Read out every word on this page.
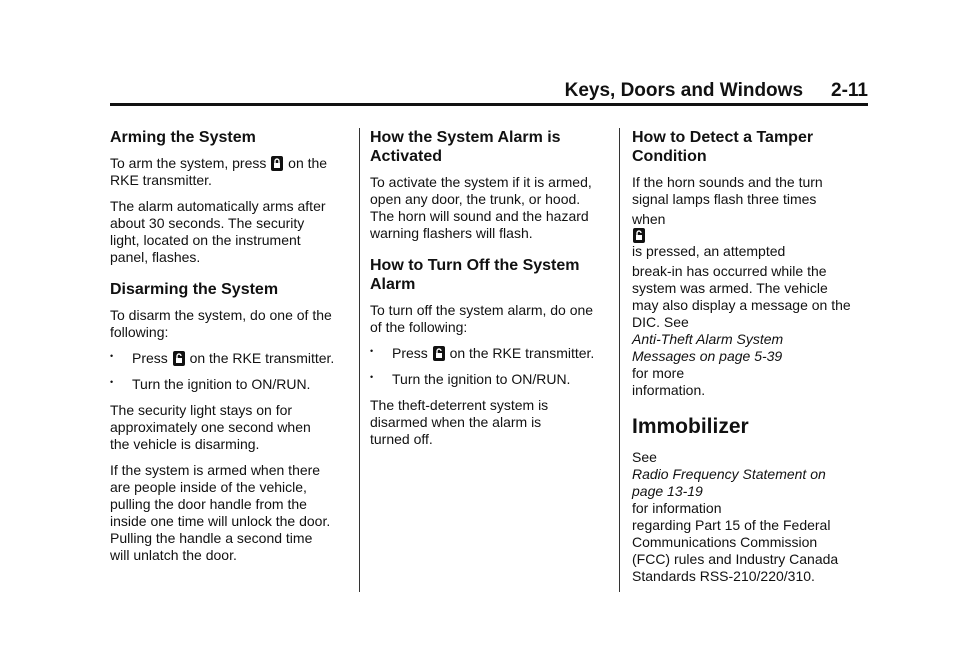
Keys, Doors and Windows 2-11
Arming the System

To arm the system, press on the
RKE transmitter.

The alarm automatically arms after
about 30 seconds. The security
light, located on the instrument
panel, flashes.

Disarming the System

To disarm the system, do one of the
following:

• Press on the RKE transmitter.
• Turn the ignition to ON/RUN.

The security light stays on for
approximately one second when
the vehicle is disarming.

If the system is armed when there
are people inside of the vehicle,
pulling the door handle from the
inside one time will unlock the door.
Pulling the handle a second time
will unlatch the door.

How the System Alarm is
Activated

To activate the system if it is armed,
open any door, the trunk, or hood.
The horn will sound and the hazard
warning flashers will flash.

How to Turn Off the System
Alarm

To turn off the system alarm, do one
of the following:

• Press on the RKE transmitter.
• Turn the ignition to ON/RUN.

The theft-deterrent system is
disarmed when the alarm is
turned off.

How to Detect a Tamper
Condition

If the horn sounds and the turn
signal lamps flash three times
when
is pressed, an attempted
break-in has occurred while the
system was armed. The vehicle
may also display a message on the
DIC. See
Anti-Theft Alarm System
Messages on page 5-39
for more
information.

Immobilizer

See
Radio Frequency Statement on
page 13-19
for information
regarding Part 15 of the Federal
Communications Commission
(FCC) rules and Industry Canada
Standards RSS-210/220/310.
